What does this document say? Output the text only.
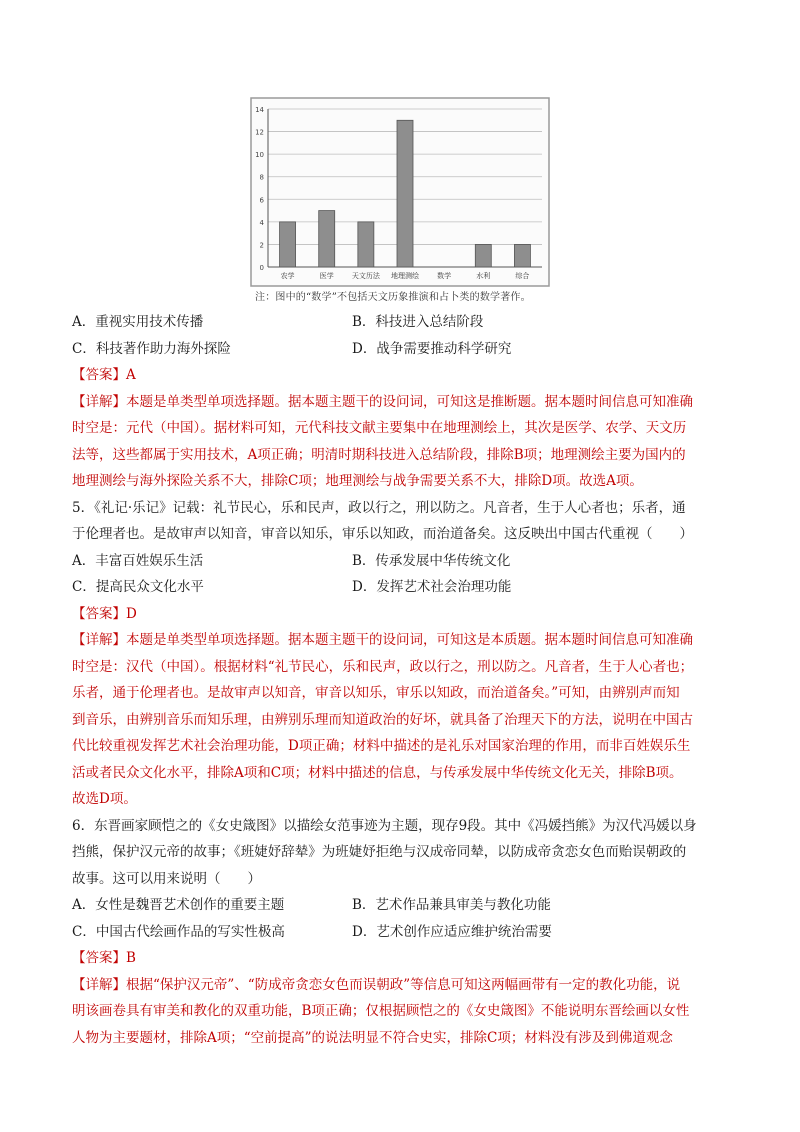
0
2
4
6
8
10
12
14
农学	医学	天文历法 地理测绘	数学	水利	综合
注：图中的“数学”不包括天文历象推演和占卜类的数学著作。
A．重视实用技术传播	B．科技进入总结阶段
C．科技著作助力海外探险	D．战争需要推动科学研究
【答案】A
【详解】本题是单类型单项选择题。据本题主题干的设问词，可知这是推断题。据本题时间信息可知准确
时空是：元代（中国）。据材料可知，元代科技文献主要集中在地理测绘上，其次是医学、农学、天文历
法等，这些都属于实用技术，A项正确；明清时期科技进入总结阶段，排除B项；地理测绘主要为国内的
地理测绘与海外探险关系不大，排除C项；地理测绘与战争需要关系不大，排除D项。故选A项。
5．《礼记·乐记》记载：礼节民心，乐和民声，政以行之，刑以防之。凡音者，生于人心者也；乐者，通
于伦理者也。是故审声以知音，审音以知乐，审乐以知政，而治道备矣。这反映出中国古代重视（　　）
A．丰富百姓娱乐生活	B．传承发展中华传统文化
C．提高民众文化水平	D．发挥艺术社会治理功能
【答案】D
【详解】本题是单类型单项选择题。据本题主题干的设问词，可知这是本质题。据本题时间信息可知准确
时空是：汉代（中国）。根据材料“礼节民心，乐和民声，政以行之，刑以防之。凡音者，生于人心者也；
乐者，通于伦理者也。是故审声以知音，审音以知乐，审乐以知政，而治道备矣。”可知，由辨别声而知
到音乐，由辨别音乐而知乐理，由辨别乐理而知道政治的好坏，就具备了治理天下的方法，说明在中国古
代比较重视发挥艺术社会治理功能，D项正确；材料中描述的是礼乐对国家治理的作用，而非百姓娱乐生
活或者民众文化水平，排除A项和C项；材料中描述的信息，与传承发展中华传统文化无关，排除B项。
故选D项。
6．东晋画家顾恺之的《女史箴图》以描绘女范事迹为主题，现存9段。其中《冯媛挡熊》为汉代冯媛以身
挡熊，保护汉元帝的故事；《班婕妤辞辇》为班婕妤拒绝与汉成帝同辇，以防成帝贪恋女色而贻误朝政的
故事。这可以用来说明（　　）
A．女性是魏晋艺术创作的重要主题	B．艺术作品兼具审美与教化功能
C．中国古代绘画作品的写实性极高	D．艺术创作应适应维护统治需要
【答案】B
【详解】根据“保护汉元帝”、“防成帝贪恋女色而误朝政”等信息可知这两幅画带有一定的教化功能，说
明该画卷具有审美和教化的双重功能，B项正确；仅根据顾恺之的《女史箴图》不能说明东晋绘画以女性
人物为主要题材，排除A项；“空前提高”的说法明显不符合史实，排除C项；材料没有涉及到佛道观念
